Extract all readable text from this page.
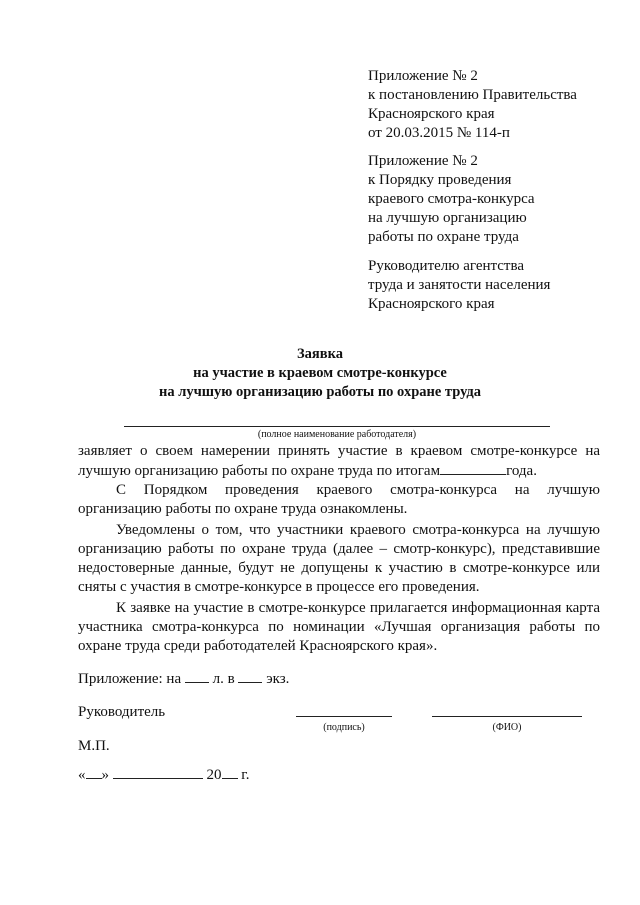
Приложение № 2
к постановлению Правительства
Красноярского края
от 20.03.2015 № 114-п
Приложение № 2
к Порядку проведения
краевого смотра-конкурса
на лучшую организацию
работы по охране труда
Руководителю агентства
труда и занятости населения
Красноярского края
Заявка
на участие в краевом смотре-конкурсе
на лучшую организацию работы по охране труда
(полное наименование работодателя)

заявляет о своем намерении принять участие в краевом смотре-конкурсе на лучшую организацию работы по охране труда по итогам	года.

С Порядком проведения краевого смотра-конкурса на лучшую организацию работы по охране труда ознакомлены.

Уведомлены о том, что участники краевого смотра-конкурса на лучшую организацию работы по охране труда (далее – смотр-конкурс), представившие недостоверные данные, будут не допущены к участию в смотре-конкурсе или сняты с участия в смотре-конкурсе в процессе его проведения.

К заявке на участие в смотре-конкурсе прилагается информационная карта участника смотра-конкурса по номинации «Лучшая организация работы по охране труда среди работодателей Красноярского края».

Приложение: на л. в экз.
Руководитель
(подпись)	(ФИО)
М.П.
« »	20 г.
